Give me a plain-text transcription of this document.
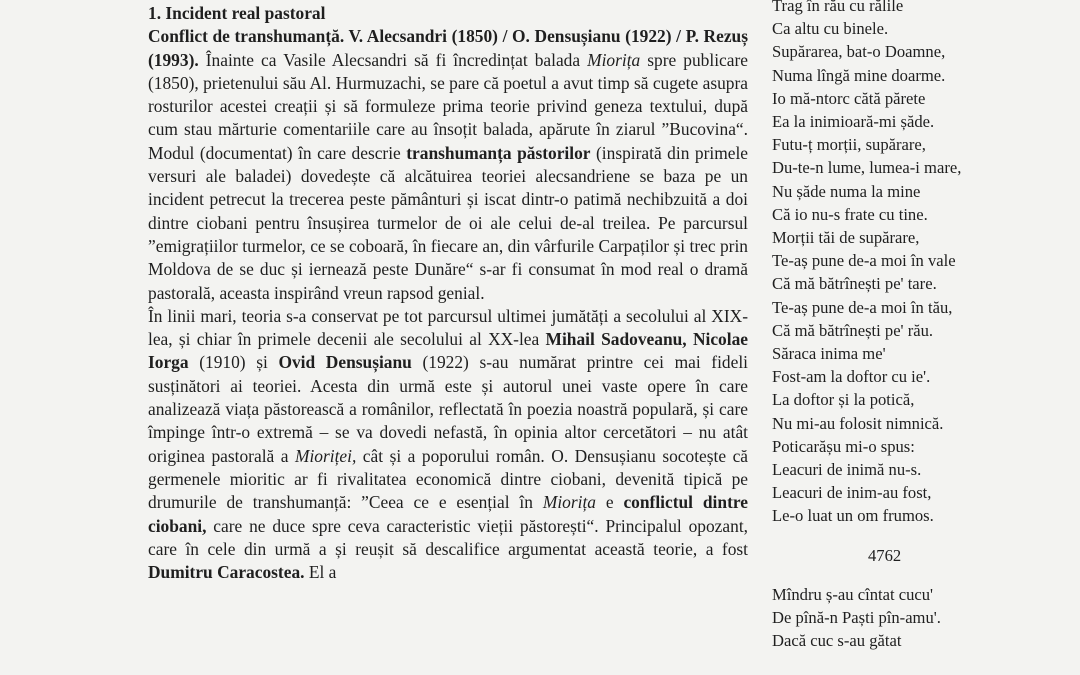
1. Incident real pastoral

Conflict de transhumanță. V. Alecsandri (1850) / O. Densușianu (1922) / P. Rezuș (1993). Înainte ca Vasile Alecsandri să fi încredințat balada Miorița spre publicare (1850), prietenului său Al. Hurmuzachi, se pare că poetul a avut timp să cugete asupra rosturilor acestei creații și să formuleze prima teorie privind geneza textului, după cum stau mărturie comentariile care au însoțit balada, apărute în ziarul ”Bucovina“. Modul (documentat) în care descrie transhumanța păstorilor (inspirată din primele versuri ale baladei) dovedește că alcătuirea teoriei alecsandriene se baza pe un incident petrecut la trecerea peste pământuri și iscat dintr-o patimă nechibzuită a doi dintre ciobani pentru însușirea turmelor de oi ale celui de-al treilea. Pe parcursul ”emigrațiilor turmelor, ce se coboară, în fiecare an, din vârfurile Carpaților și trec prin Moldova de se duc și iernează peste Dunăre“ s-ar fi consumat în mod real o dramă pastorală, aceasta inspirând vreun rapsod genial.

În linii mari, teoria s-a conservat pe tot parcursul ultimei jumătăți a secolului al XIX-lea, și chiar în primele decenii ale secolului al XX-lea Mihail Sadoveanu, Nicolae Iorga (1910) și Ovid Densușianu (1922) s-au numărat printre cei mai fideli susținători ai teoriei. Acesta din urmă este și autorul unei vaste opere în care analizează viața păstorească a românilor, reflectată în poezia noastră populară, și care împinge într-o extremă – se va dovedi nefastă, în opinia altor cercetători – nu atât originea pastorală a Mioriței, cât și a poporului român. O. Densușianu socotește că germenele mioritic ar fi rivalitatea economică dintre ciobani, devenită tipică pe drumurile de transhumanță: ”Ceea ce e esențial în Miorița e conflictul dintre ciobani, care ne duce spre ceva caracteristic vieții păstorești“. Principalul opozant, care în cele din urmă a și reușit să descalifice argumentat această teorie, a fost Dumitru Caracostea. El a

Trag în rău cu rălile
Ca altu cu binele.
Supărarea, bat-o Doamne,
Numa lîngă mine doarme.
Io mă-ntorc cătă părete
Ea la inimioară-mi șăde.
Futu-ț morții, supărare,
Du-te-n lume, lumea-i mare,
Nu șăde numa la mine
Că io nu-s frate cu tine.
Morții tăi de supărare,
Te-aș pune de-a moi în vale
Că mă bătrînești pe' tare.
Te-aș pune de-a moi în tău,
Că mă bătrînești pe' rău.
Săraca inima me'
Fost-am la doftor cu ie'.
La doftor și la potică,
Nu mi-au folosit nimnică.
Poticarășu mi-o spus:
Leacuri de inimă nu-s.
Leacuri de inim-au fost,
Le-o luat un om frumos.
4762
Mîndru ș-au cîntat cucu'
De pînă-n Paști pîn-amu'.
Dacă cuc s-au gătat
